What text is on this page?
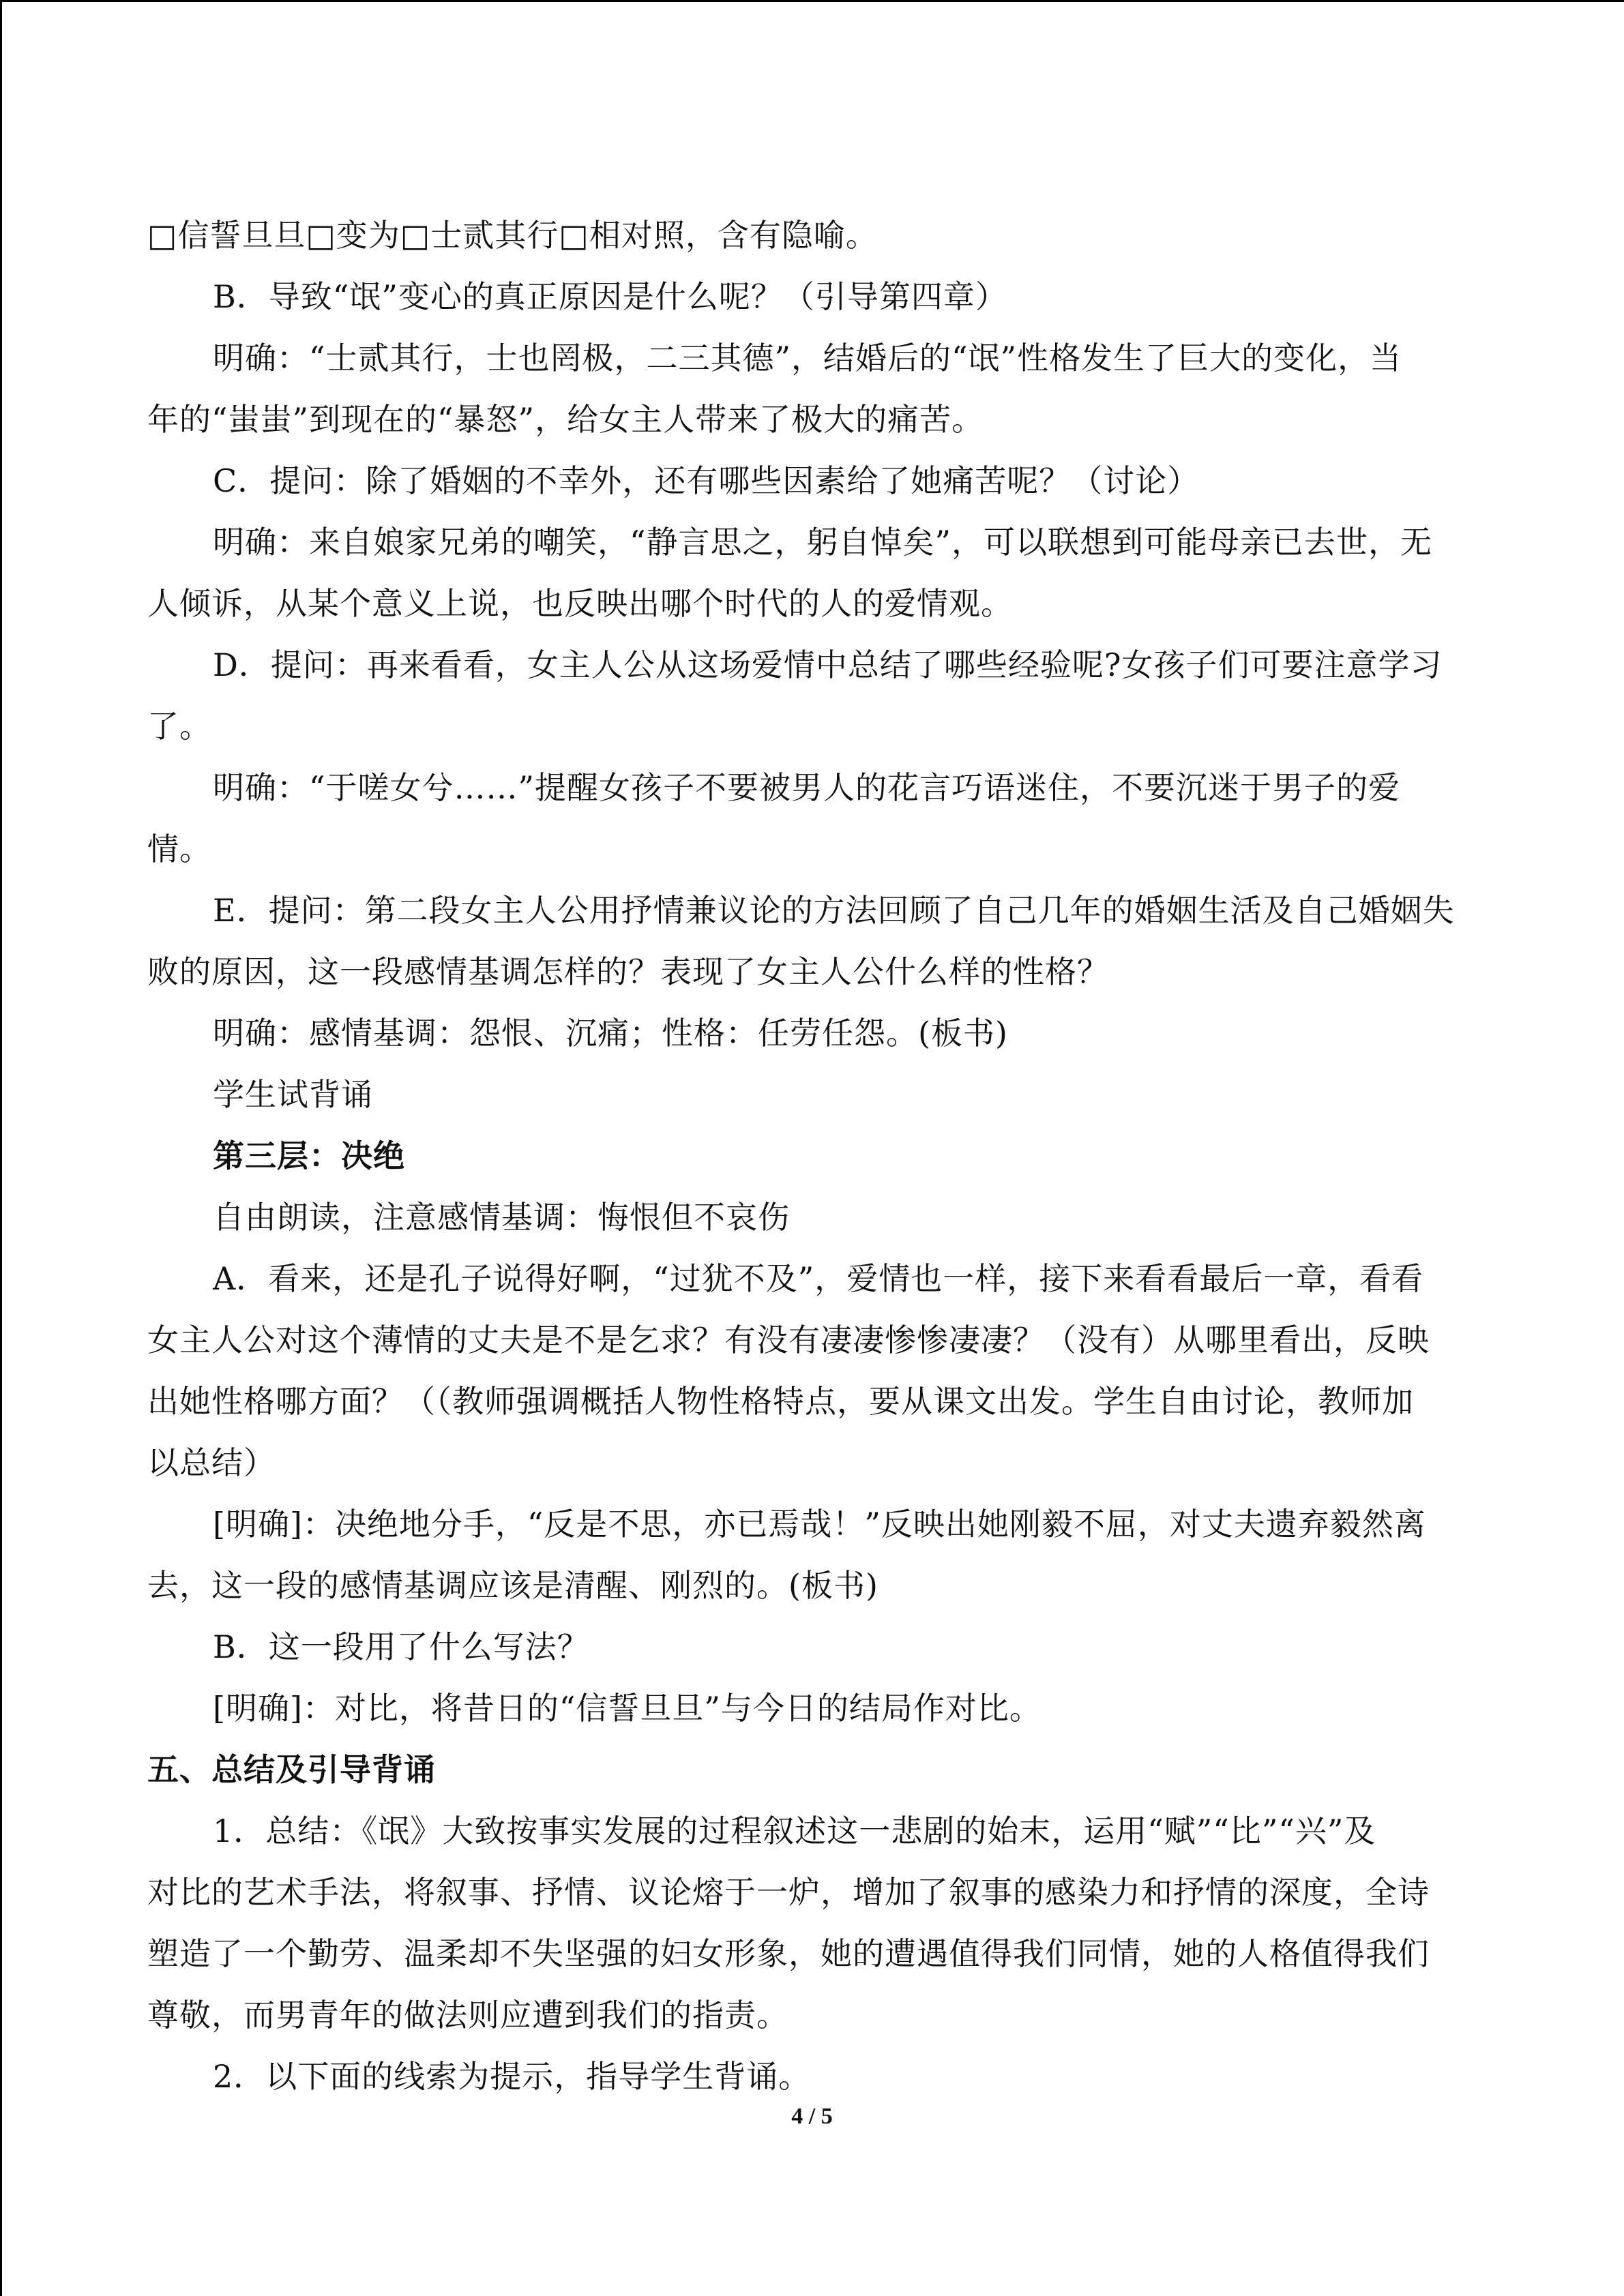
□信誓旦旦□变为□士贰其行□相对照，含有隐喻。
B．导致“氓”变心的真正原因是什么呢？（引导第四章）
明确：“士贰其行，士也罔极，二三其德”，结婚后的“氓”性格发生了巨大的变化，当
年的“蚩蚩”到现在的“暴怒”，给女主人带来了极大的痛苦。
C．提问：除了婚姻的不幸外，还有哪些因素给了她痛苦呢？（讨论）
明确：来自娘家兄弟的嘲笑，“静言思之，躬自悼矣”，可以联想到可能母亲已去世，无
人倾诉，从某个意义上说，也反映出哪个时代的人的爱情观。
D．提问：再来看看，女主人公从这场爱情中总结了哪些经验呢?女孩子们可要注意学习
了。
明确：“于嗟女兮……”提醒女孩子不要被男人的花言巧语迷住，不要沉迷于男子的爱
情。
E．提问：第二段女主人公用抒情兼议论的方法回顾了自己几年的婚姻生活及自己婚姻失
败的原因，这一段感情基调怎样的？表现了女主人公什么样的性格？
明确：感情基调：怨恨、沉痛；性格：任劳任怨。(板书)
学生试背诵
第三层：决绝
自由朗读，注意感情基调：悔恨但不哀伤
A．看来，还是孔子说得好啊，“过犹不及”，爱情也一样，接下来看看最后一章，看看
女主人公对这个薄情的丈夫是不是乞求？有没有凄凄惨惨凄凄？（没有）从哪里看出，反映
出她性格哪方面？（（教师强调概括人物性格特点，要从课文出发。学生自由讨论，教师加
以总结）
[明确]：决绝地分手，“反是不思，亦已焉哉！”反映出她刚毅不屈，对丈夫遗弃毅然离
去，这一段的感情基调应该是清醒、刚烈的。(板书)
B．这一段用了什么写法？
[明确]：对比，将昔日的“信誓旦旦”与今日的结局作对比。
五、总结及引导背诵
1．总结：《氓》大致按事实发展的过程叙述这一悲剧的始末，运用“赋”“比”“兴”及
对比的艺术手法，将叙事、抒情、议论熔于一炉，增加了叙事的感染力和抒情的深度，全诗
塑造了一个勤劳、温柔却不失坚强的妇女形象，她的遭遇值得我们同情，她的人格值得我们
尊敬，而男青年的做法则应遭到我们的指责。
2．以下面的线索为提示，指导学生背诵。
4 / 5
